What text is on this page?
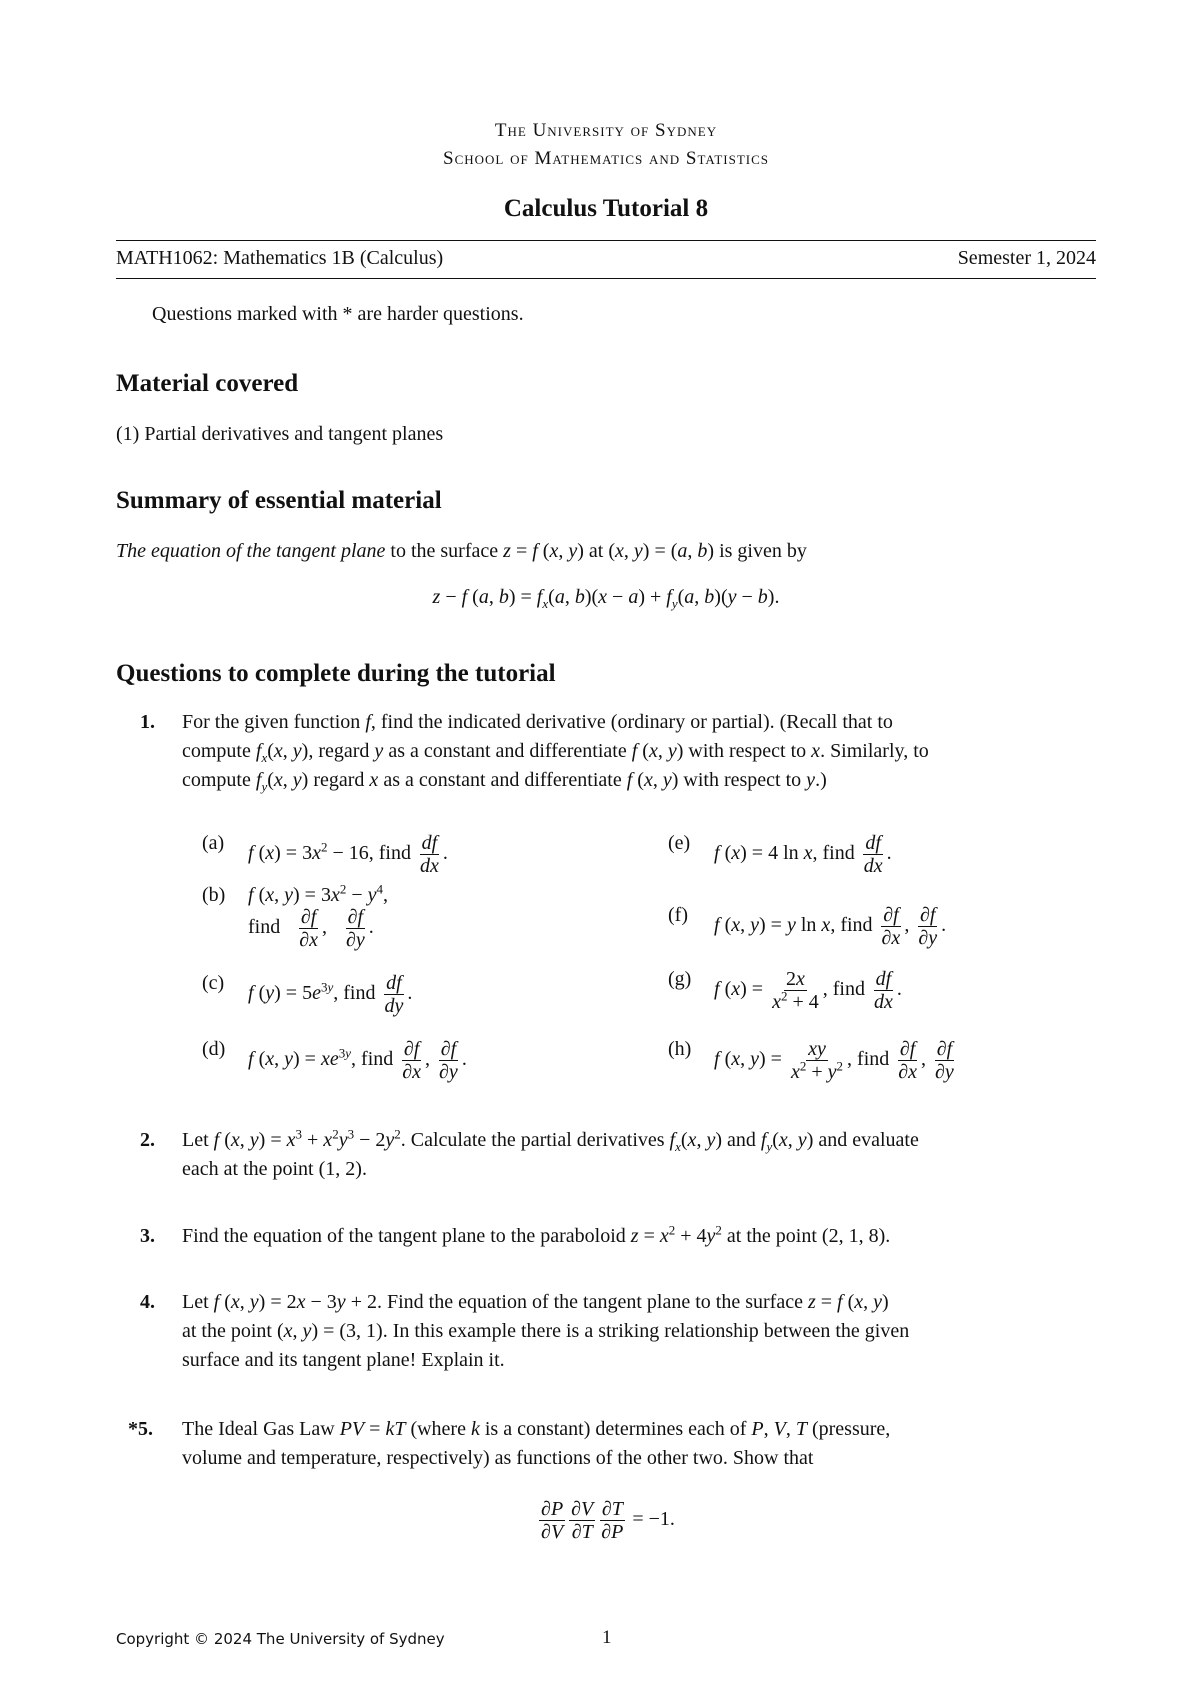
The University of Sydney
School of Mathematics and Statistics
Calculus Tutorial 8
MATH1062: Mathematics 1B (Calculus)	Semester 1, 2024
Questions marked with * are harder questions.
Material covered
(1) Partial derivatives and tangent planes
Summary of essential material
The equation of the tangent plane to the surface z = f (x, y) at (x, y) = (a, b) is given by
z − f (a, $b) = f_x(a$, $b)(x - a) + f_y(a$, b)(y − b).
Questions to complete during the tutorial
1. For the given function f, find the indicated derivative (ordinary or partial). (Recall that to
compute $f_x(x$, y), regard y as a constant and differentiate f (x, y) with respect to x. Similarly, to
compute $f_y(x$, y) regard x as a constant and differentiate f (x, y) with respect to y.)
(a) f $(x) = 3x^2 - 16$, find $\frac{df}{dx}$ .
(b) f (x, $y) = 3x^2 - y^4$,
find $\frac{\partial f}{\partial x}$ , $\frac{\partial f}{\partial y}$ .
(c) f $(y) = 5e^{3y}$, find $\frac{df}{dy}$ .
(d) f (x, $y) = xe^{3y}$, find $\frac{\partial f}{\partial x}$ , $\frac{\partial f}{\partial y}$ .
(e) f (x) = 4 ln x, find $\frac{df}{dx}$ .
(f) f (x, y) = y ln x, find $\frac{\partial f}{\partial x}$ , $\frac{\partial f}{\partial y}$ .
(g) f $(x) = \frac{2x}{x^2 + 4}$ , find $\frac{df}{dx}$ .
(h) f (x, $y) = \frac{xy}{x^2 + y^2}$ , find $\frac{\partial f}{\partial x}$ , $\frac{\partial f}{\partial y}$
2. Let f (x, $y) = x^3 + x^2y^3 - 2y^2$. Calculate the partial derivatives $f_x(x$, y) and $f_y(x$, y) and evaluate
each at the point (1, 2).
3. Find the equation of the tangent plane to the paraboloid $z = x^2 + 4y^2$ at the point (2, 1, 8).
4. Let f (x, y) = 2x − 3y + 2. Find the equation of the tangent plane to the surface z = f (x, y)
at the point (x, y) = (3, 1). In this example there is a striking relationship between the given
surface and its tangent plane! Explain it.
*5. The Ideal Gas Law PV = kT (where k is a constant) determines each of P, V, T (pressure,
volume and temperature, respectively) as functions of the other two. Show that
$\frac{\partial P}{\partial V} \frac{\partial V}{\partial T} \frac{\partial T}{\partial P} = -1$.
Copyright © 2024 The University of Sydney	1
